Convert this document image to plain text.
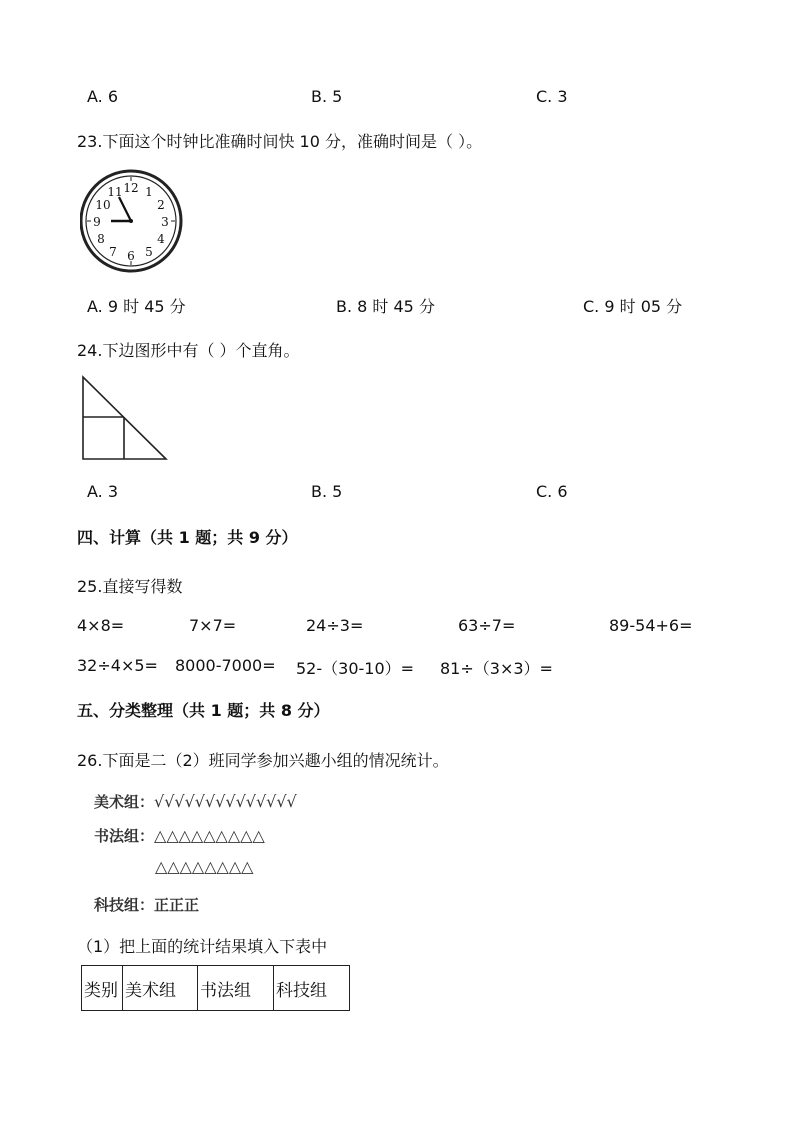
A. 6	B. 5	C. 3
23.下面这个时钟比准确时间快 10 分，准确时间是（ ）。
12 1
2
3
4
5
6
7
8
9
10
11
A. 9 时 45 分	B. 8 时 45 分	C. 9 时 05 分
24.下边图形中有（ ）个直角。
A. 3	B. 5	C. 6
四、计算（共 1 题；共 9 分）
25.直接写得数
4×8=	7×7=	24÷3=	63÷7=	89-54+6=
32÷4×5= 8000-7000= 52-（30-10）= 81÷（3×3）=
五、分类整理（共 1 题；共 8 分）
26.下面是二（2）班同学参加兴趣小组的情况统计。
美术组：√√√√√√√√√√√√√√
书法组：△△△△△△△△△
△△△△△△△△
科技组：正正正
（1）把上面的统计结果填入下表中
类别	美术组	书法组	科技组
